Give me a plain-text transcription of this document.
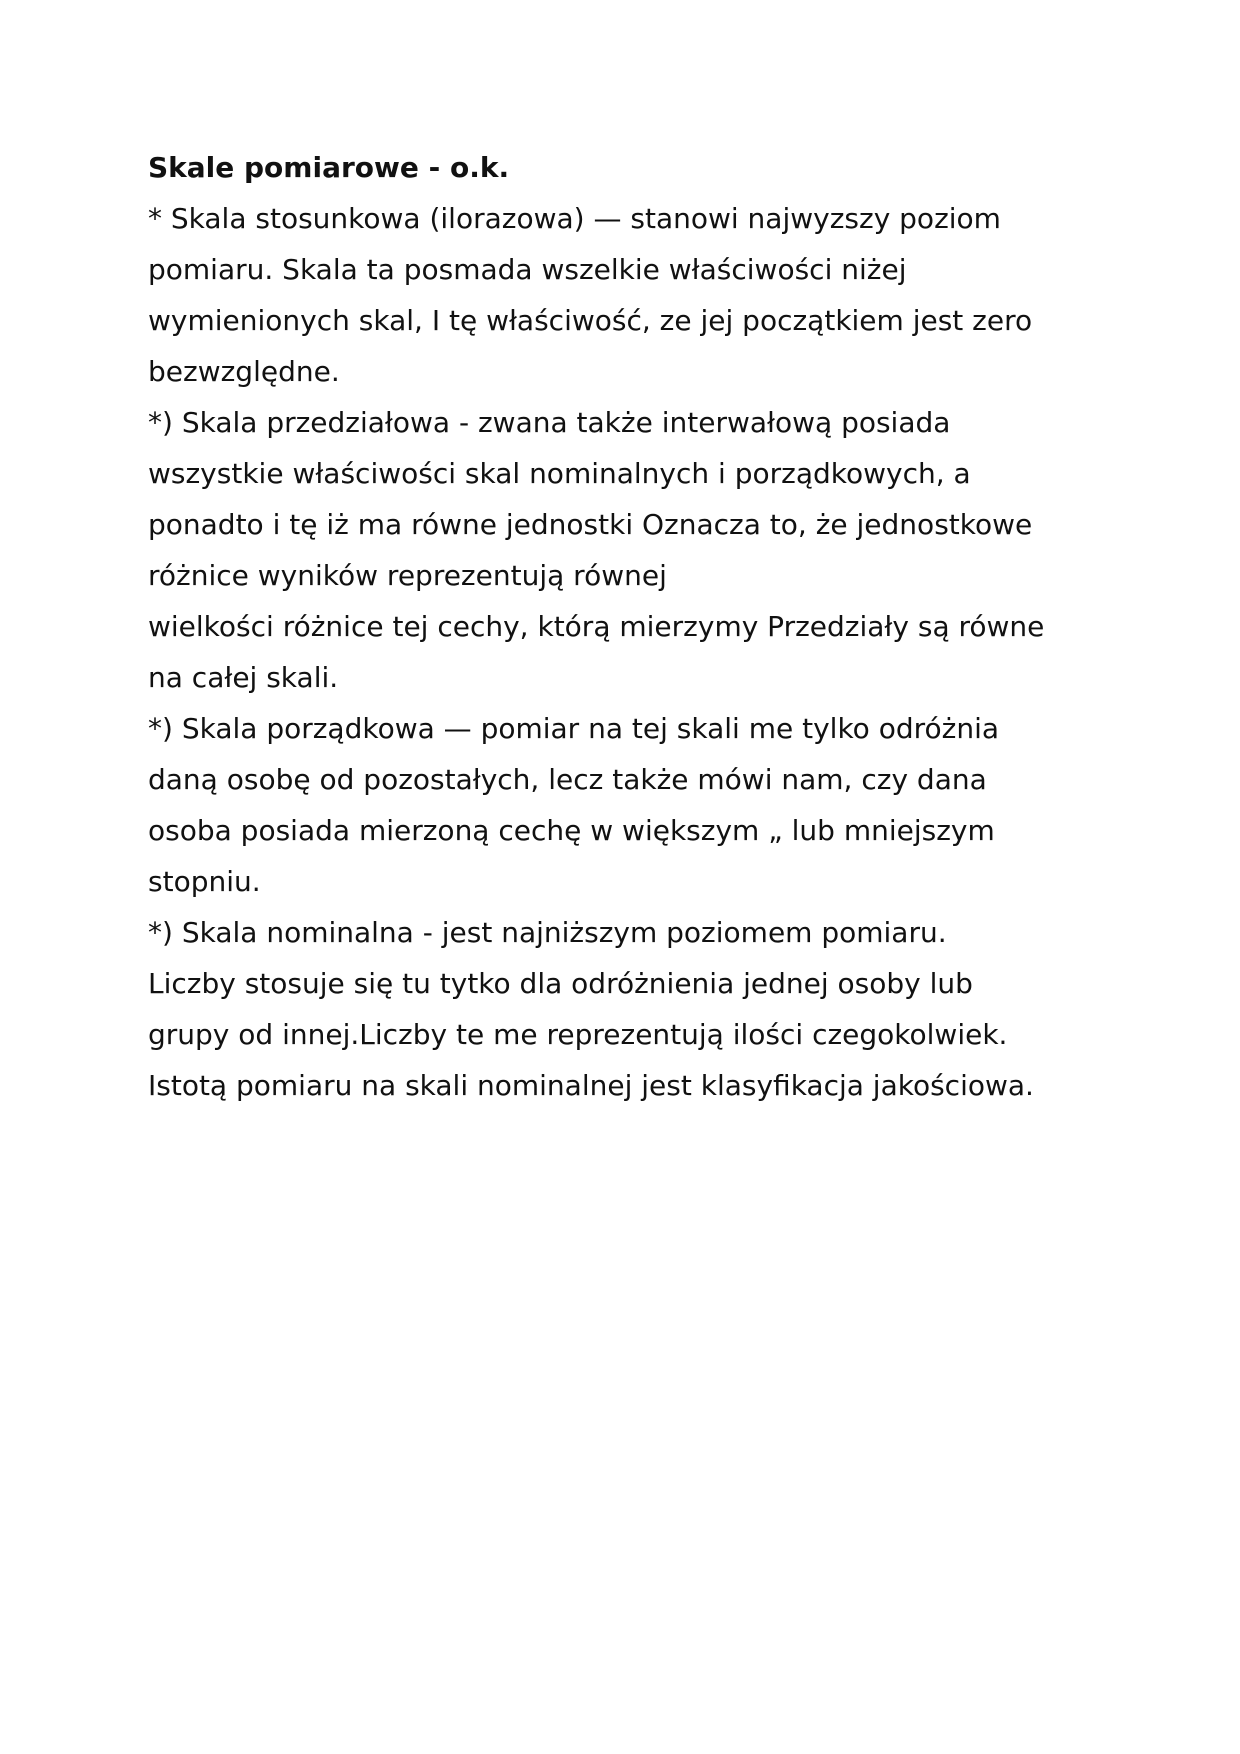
Skale pomiarowe - o.k.
* Skala stosunkowa (ilorazowa) — stanowi najwyzszy poziom
pomiaru. Skala ta posmada wszelkie właściwości niżej
wymienionych skal, I tę właściwość, ze jej początkiem jest zero
bezwzględne.
*) Skala przedziałowa - zwana także interwałową posiada
wszystkie właściwości skal nominalnych i porządkowych, a
ponadto i tę iż ma równe jednostki Oznacza to, że jednostkowe
różnice wyników reprezentują równej
wielkości różnice tej cechy, którą mierzymy Przedziały są równe
na całej skali.
*) Skala porządkowa — pomiar na tej skali me tylko odróżnia
daną osobę od pozostałych, lecz także mówi nam, czy dana
osoba posiada mierzoną cechę w większym „ lub mniejszym
stopniu.
*) Skala nominalna - jest najniższym poziomem pomiaru.
Liczby stosuje się tu tytko dla odróżnienia jednej osoby lub
grupy od innej.Liczby te me reprezentują ilości czegokolwiek.
Istotą pomiaru na skali nominalnej jest klasyfikacja jakościowa.
